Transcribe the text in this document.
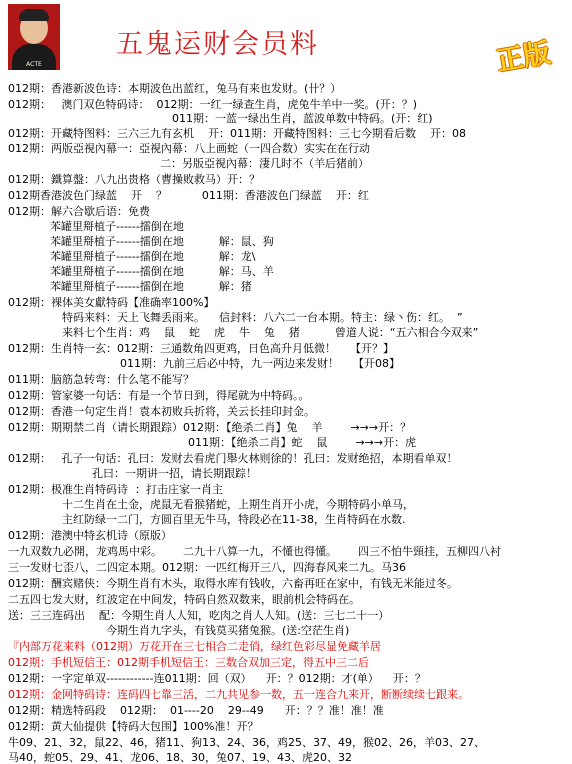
ACTE
五鬼运财会员料	正版
012期：香港新波色诗：本期波色出蓝红，兔马有来也发财。(卄？）
012期：   澳门双色特码诗：  012期：一红一绿查生肖，虎兔牛羊中一奖。(开：？)
011期：一蓝一绿出生肖，蓝波单数中特码。(开：红)
012期：开藏特图料：三六三九有玄机    开：011期：开藏特图料：三七今期看后数    开：08
012期：两版亞視內幕一：亞視內幕：八上画蛇（一四合数）实实在在行动
二：另版亞視內幕：淒几时不（羊后猪前）
012期：鐵算盤：八九出贵格（曹操败救马）开：？
012期香港波色门绿蓝    开    ？          011期：香港波色门绿蓝    开：红
012期：解六合歇后语：免费
苯罐里搿植子------擂倒在地
苯罐里搿植子------擂倒在地          解：鼠、狗
苯罐里搿植子------擂倒在地          解：龙\
苯罐里搿植子------擂倒在地          解：马、羊
苯罐里搿植子------擂倒在地          解：猪
012期：裸体美女獻特码【准确率100%】
特码来料：天上飞舞丢雨来。    信封料：八六二一台本期。特主：绿丶伤：红。  ”
来料七个生肖：鸡    鼠    蛇    虎    牛    兔    猪          曾道人说：“五六相合今双来”
012期：生肖特一玄：012期：三通数角四更鸡，日色高升月低微！    【开？】
011期：九前三后必中特，九一两边来发财！    【开08】
011期：脑筋急转弯：什么笔不能写？
012期：管家婆一句话：有是一个节日到，得尾就为中特码。。
012期：香港一句定生肖！袁本初败兵折将，关云长挂印封金。
012期：期期禁二肖（请长期跟踪）012期：【绝杀二肖】兔    羊        →→→开：？
011期：【绝杀二肖】蛇    鼠        →→→开：虎
012期：   孔子一句话：孔曰：发财去看虎门舉火林则徐的！孔曰：发财绝招，本期看单双！
孔曰：一期讲一招，请长期跟踪！
012期：极准生肖特码诗  ：打击庄家一肖主
十二生肖在土金，虎鼠无看猴猪蛇，上期生肖开小虎，今期特码小单马，
主红防绿一二门，方圆百里无牛马，特段必在11-38，生肖特码在水数.
012期：港澳中特玄机诗（原版）
一九双数九必開，龙鸡馬中彩。      二九十八算一九，不懂也得懂。      四三不怕牛頸挂，五柳四八衬
三一发财七歪八，二四定本期。012期：一匹红梅开三八，四海春风来二九。马36
012期：酬宾赌侠：今期生肖有木头，取得水库有钱收，六畜再旺在家中，有钱无米能过冬。
二五四七发大财，红波定在中间发，特码自然双数来，眼前机会特码在。
送：三三连码出    配：今期生肖人人知，吃肉之肖人人知。(送：三七二十一）
今期生肖九字头，有钱莫买猪兔猴。(送:空茫生肖)
『内部万花来料（012期）万花开在三七相合二走俏，绿红色彩尽显免藏羊居
012期：手机短信王：012期手机短信王：三数合双加三定，得五中三二后
012期：一字定单双------------连011期：回（双）    开：？012期：才(单）    开：？
012期：金网特码诗：连码四七靠三活，二九共见参一数，五一连合九来开，断断续续七跟来。
012期：精选特码段    012期：  01----20    29--49      开：？？准！准！准
012期：黄大仙提供【特码大包围】100%准！开？
牛09、21、32，鼠22、46，猪11、狗13、24、36，鸡25、37、49，猴02、26，羊03、27、
马40，蛇05、29、41、龙06、18、30，兔07、19、43、虎20、32
